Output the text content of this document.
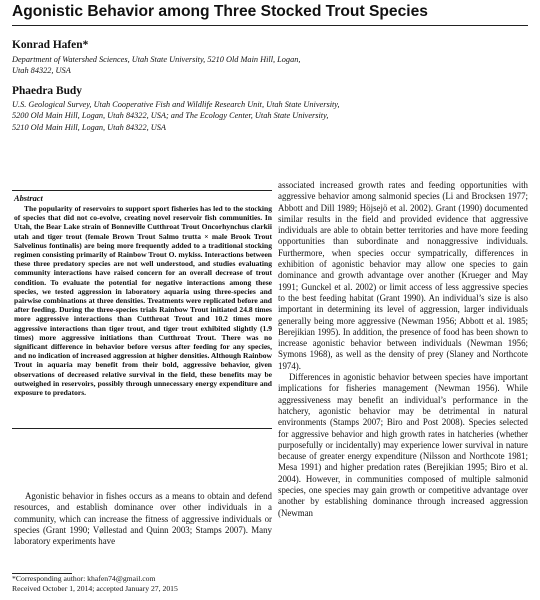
Agonistic Behavior among Three Stocked Trout Species

Konrad Hafen*

Department of Watershed Sciences, Utah State University, 5210 Old Main Hill, Logan,
Utah 84322, USA

Phaedra Budy

U.S. Geological Survey, Utah Cooperative Fish and Wildlife Research Unit, Utah State University,
5200 Old Main Hill, Logan, Utah 84322, USA; and The Ecology Center, Utah State University,
5210 Old Main Hill, Logan, Utah 84322, USA

Abstract

The popularity of reservoirs to support sport fisheries has led to the stocking of species that did not co-evolve, creating novel reservoir fish communities. In Utah, the Bear Lake strain of Bonneville Cutthroat Trout Oncorhynchus clarkii utah and tiger trout (female Brown Trout Salmo trutta × male Brook Trout Salvelinus fontinalis) are being more frequently added to a traditional stocking regimen consisting primarily of Rainbow Trout O. mykiss. Interactions between these three predatory species are not well understood, and studies evaluating community interactions have raised concern for an overall decrease of trout condition. To evaluate the potential for negative interactions among these species, we tested aggression in laboratory aquaria using three-species and pairwise combinations at three densities. Treatments were replicated before and after feeding. During the three-species trials Rainbow Trout initiated 24.8 times more aggressive interactions than Cutthroat Trout and 10.2 times more aggressive interactions than tiger trout, and tiger trout exhibited slightly (1.9 times) more aggressive initiations than Cutthroat Trout. There was no significant difference in behavior before versus after feeding for any species, and no indication of increased aggression at higher densities. Although Rainbow Trout in aquaria may benefit from their bold, aggressive behavior, given observations of decreased relative survival in the field, these benefits may be outweighed in reservoirs, possibly through unnecessary energy expenditure and exposure to predators.

Agonistic behavior in fishes occurs as a means to obtain and defend resources, and establish dominance over other individuals in a community, which can increase the fitness of aggressive individuals or species (Grant 1990; Vøllestad and Quinn 2003; Stamps 2007). Many laboratory experiments have

associated increased growth rates and feeding opportunities with aggressive behavior among salmonid species (Li and Brocksen 1977; Abbott and Dill 1989; Höjsejö et al. 2002). Grant (1990) documented similar results in the field and provided evidence that aggressive individuals are able to obtain better territories and have more feeding opportunities than subordinate and nonaggressive individuals. Furthermore, when species occur sympatrically, differences in exhibition of agonistic behavior may allow one species to gain dominance and growth advantage over another (Krueger and May 1991; Gunckel et al. 2002) or limit access of less aggressive species to the best feeding habitat (Grant 1990). An individual’s size is also important in determining its level of aggression, larger individuals generally being more aggressive (Newman 1956; Abbott et al. 1985; Berejikian 1995). In addition, the presence of food has been shown to increase agonistic behavior between individuals (Newman 1956; Symons 1968), as well as the density of prey (Slaney and Northcote 1974).

Differences in agonistic behavior between species have important implications for fisheries management (Newman 1956). While aggressiveness may benefit an individual’s performance in the hatchery, agonistic behavior may be detrimental in natural environments (Stamps 2007; Biro and Post 2008). Species selected for aggressive behavior and high growth rates in hatcheries (whether purposefully or incidentally) may experience lower survival in nature because of greater energy expenditure (Nilsson and Northcote 1981; Mesa 1991) and higher predation rates (Berejikian 1995; Biro et al. 2004). However, in communities composed of multiple salmonid species, one species may gain growth or competitive advantage over another by establishing dominance through increased aggression (Newman

*Corresponding author: khafen74@gmail.com
Received October 1, 2014; accepted January 27, 2015
